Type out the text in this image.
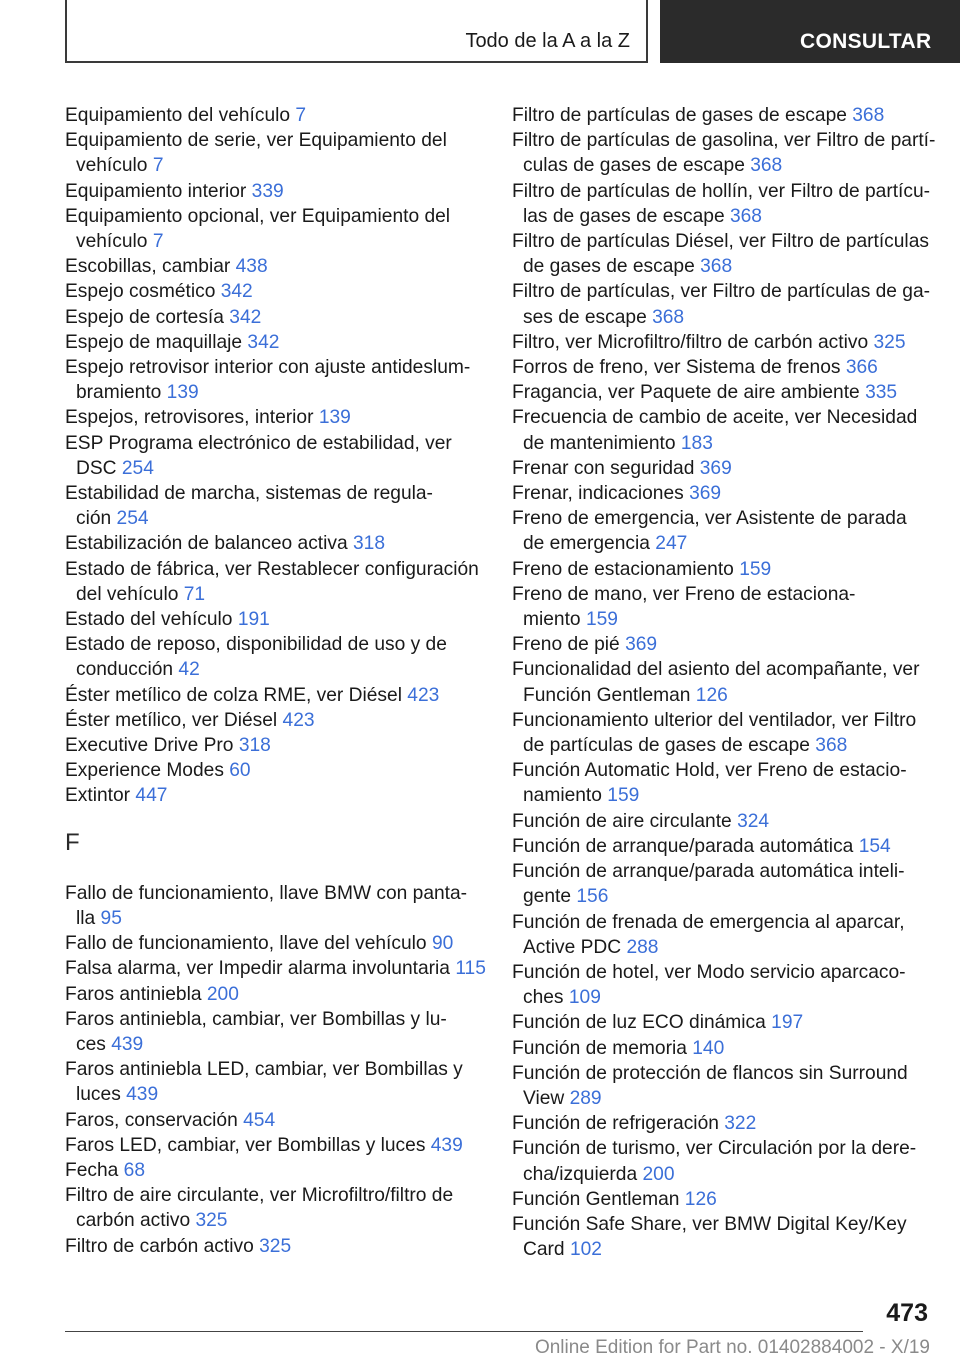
Todo de la A a la Z	CONSULTAR
Equipamiento del vehículo 7
Equipamiento de serie, ver Equipamiento del
vehículo 7
Equipamiento interior 339
Equipamiento opcional, ver Equipamiento del
vehículo 7
Escobillas, cambiar 438
Espejo cosmético 342
Espejo de cortesía 342
Espejo de maquillaje 342
Espejo retrovisor interior con ajuste antideslum-
bramiento 139
Espejos, retrovisores, interior 139
ESP Programa electrónico de estabilidad, ver
DSC 254
Estabilidad de marcha, sistemas de regula-
ción 254
Estabilización de balanceo activa 318
Estado de fábrica, ver Restablecer configuración
del vehículo 71
Estado del vehículo 191
Estado de reposo, disponibilidad de uso y de
conducción 42
Éster metílico de colza RME, ver Diésel 423
Éster metílico, ver Diésel 423
Executive Drive Pro 318
Experience Modes 60
Extintor 447
F
Fallo de funcionamiento, llave BMW con panta-
lla 95
Fallo de funcionamiento, llave del vehículo 90
Falsa alarma, ver Impedir alarma involuntaria 115
Faros antiniebla 200
Faros antiniebla, cambiar, ver Bombillas y lu-
ces 439
Faros antiniebla LED, cambiar, ver Bombillas y
luces 439
Faros, conservación 454
Faros LED, cambiar, ver Bombillas y luces 439
Fecha 68
Filtro de aire circulante, ver Microfiltro/filtro de
carbón activo 325
Filtro de carbón activo 325
Filtro de partículas de gases de escape 368
Filtro de partículas de gasolina, ver Filtro de partí-
culas de gases de escape 368
Filtro de partículas de hollín, ver Filtro de partícu-
las de gases de escape 368
Filtro de partículas Diésel, ver Filtro de partículas
de gases de escape 368
Filtro de partículas, ver Filtro de partículas de ga-
ses de escape 368
Filtro, ver Microfiltro/filtro de carbón activo 325
Forros de freno, ver Sistema de frenos 366
Fragancia, ver Paquete de aire ambiente 335
Frecuencia de cambio de aceite, ver Necesidad
de mantenimiento 183
Frenar con seguridad 369
Frenar, indicaciones 369
Freno de emergencia, ver Asistente de parada
de emergencia 247
Freno de estacionamiento 159
Freno de mano, ver Freno de estaciona-
miento 159
Freno de pié 369
Funcionalidad del asiento del acompañante, ver
Función Gentleman 126
Funcionamiento ulterior del ventilador, ver Filtro
de partículas de gases de escape 368
Función Automatic Hold, ver Freno de estacio-
namiento 159
Función de aire circulante 324
Función de arranque/parada automática 154
Función de arranque/parada automática inteli-
gente 156
Función de frenada de emergencia al aparcar,
Active PDC 288
Función de hotel, ver Modo servicio aparcaco-
ches 109
Función de luz ECO dinámica 197
Función de memoria 140
Función de protección de flancos sin Surround
View 289
Función de refrigeración 322
Función de turismo, ver Circulación por la dere-
cha/izquierda 200
Función Gentleman 126
Función Safe Share, ver BMW Digital Key/Key
Card 102
473
Online Edition for Part no. 01402884002 - X/19
